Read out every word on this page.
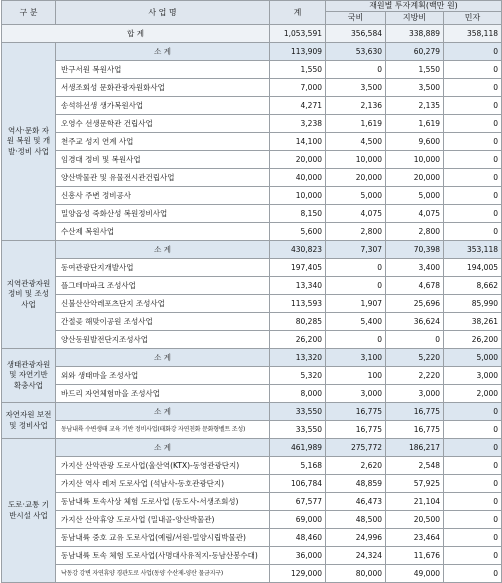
구 분	사 업 명	계	재원별 투자계획(백만 원)		
			국비	지방비	민자
합 계		1,053,591	356,584	338,889	358,118
역사·문화 자원 복원 및 개발·정비 사업	소 계	113,909	53,630	60,279	0
	반구서원 복원사업	1,550	0	1,550	0
	서생조회성 문화관광자원화사업	7,000	3,500	3,500	0
	송석하선생 생가복원사업	4,271	2,136	2,135	0
	오영수 선생문학관 건립사업	3,238	1,619	1,619	0
	천주교 성지 연계 사업	14,100	4,500	9,600	0
	임경대 정비 및 복원사업	20,000	10,000	10,000	0
	양산박물관 및 유물전시관건립사업	40,000	20,000	20,000	0
	신흥사 주변 정비공사	10,000	5,000	5,000	0
	밀양읍성 죽화산성 복원정비사업	8,150	4,075	4,075	0
	수산제 복원사업	5,600	2,800	2,800	0
지역관광자원 정비 및 조성사업	소 계	430,823	7,307	70,398	353,118
	동여관광단지개발사업	197,405	0	3,400	194,005
	플그테마파크 조성사업	13,340	0	4,678	8,662
	신불산산악레포츠단지 조성사업	113,593	1,907	25,696	85,990
	간절곶 해맞이공원 조성사업	80,285	5,400	36,624	38,261
	양산동원발전단지조성사업	26,200	0	0	26,200
생태관광자원 및 자연기반 확충사업	소 계	13,320	3,100	5,220	5,000
	외와 생태마을 조성사업	5,320	100	2,220	3,000
	바드리 자연체험마을 조성사업	8,000	3,000	3,000	2,000
자연자원 보전 및 정비사업	소 계	33,550	16,775	16,775	0
	동남내륙 수변생태 교육 기반 정비사업(태화강 자연친화 문화형벨트 조성)	33,550	16,775	16,775	0
도로·교통 기반시설 사업	소 계	461,989	275,772	186,217	0
	가지산 산악관광 도로사업(울산역(KTX)-동영관광단지)	5,168	2,620	2,548	0
	가지산 역사 레저 도로사업 (석남사-동호관광단지)	106,784	48,859	57,925	0
	동남내륙 토속사상 체험 도로사업 (동도사-서생조회성)	67,577	46,473	21,104	0
	가지산 산악휴양 도로사업 (밀내골-양산박물관)	69,000	48,500	20,500	0
	동남내륙 중호 교유 도로사업(예림/서원-밀양시립박물관)	48,460	24,996	23,464	0
	동남내륙 토속 체험 도로사업(사명대사유적지-동남산봉수대)	36,000	24,324	11,676	0
	낙동강 강변 자연휴양 경관도로 사업(동양 수산제-양산 물금지구)	129,000	80,000	49,000	0
